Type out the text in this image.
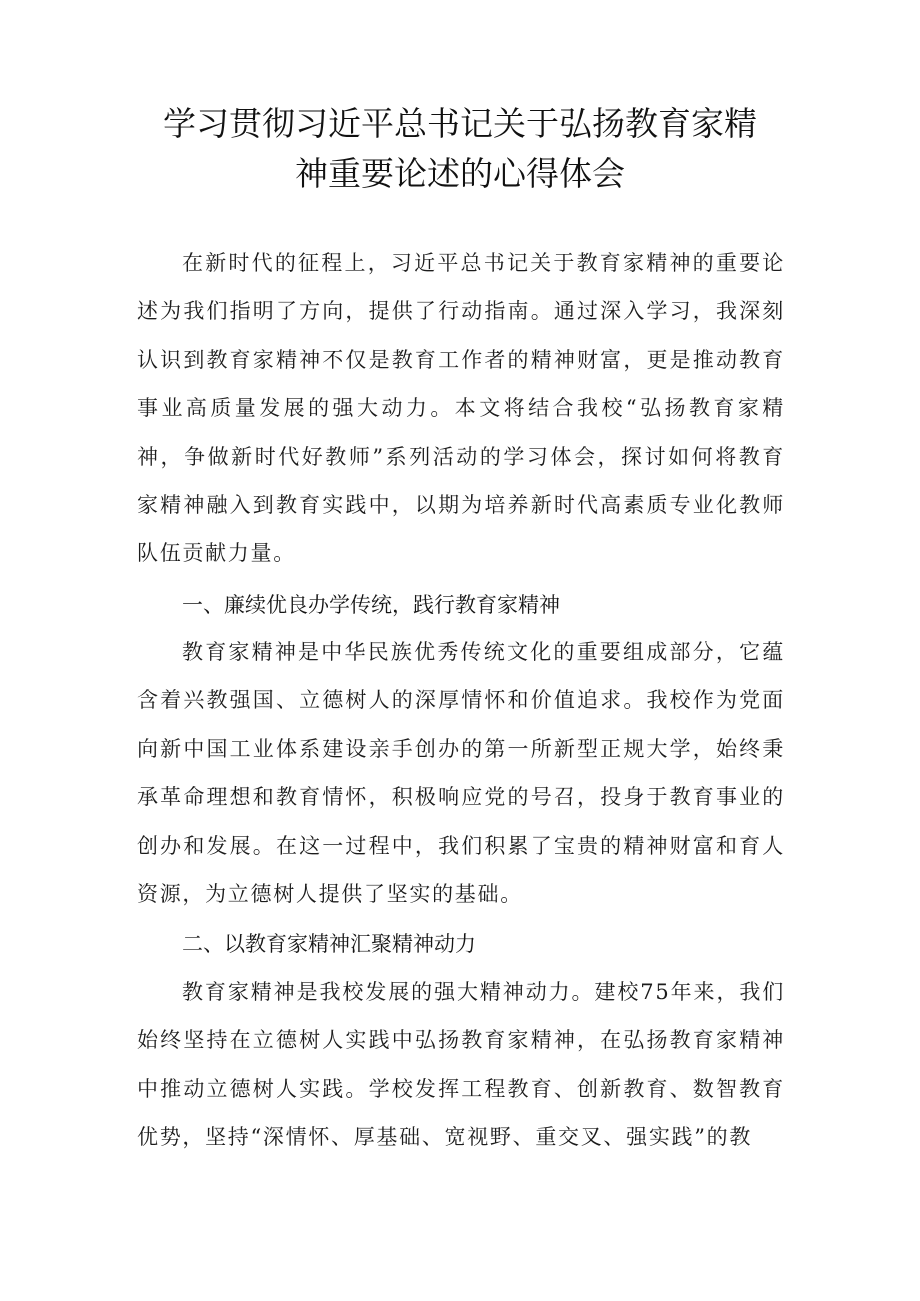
学习贯彻习近平总书记关于弘扬教育家精
神重要论述的心得体会

在新时代的征程上，习近平总书记关于教育家精神的重要论述为我们指明了方向，提供了行动指南。通过深入学习，我深刻认识到教育家精神不仅是教育工作者的精神财富，更是推动教育事业高质量发展的强大动力。本文将结合我校“弘扬教育家精神，争做新时代好教师”系列活动的学习体会，探讨如何将教育家精神融入到教育实践中，以期为培养新时代高素质专业化教师队伍贡献力量。

一、廉续优良办学传统，践行教育家精神

教育家精神是中华民族优秀传统文化的重要组成部分，它蕴含着兴教强国、立德树人的深厚情怀和价值追求。我校作为党面向新中国工业体系建设亲手创办的第一所新型正规大学，始终秉承革命理想和教育情怀，积极响应党的号召，投身于教育事业的创办和发展。在这一过程中，我们积累了宝贵的精神财富和育人资源，为立德树人提供了坚实的基础。

二、以教育家精神汇聚精神动力

教育家精神是我校发展的强大精神动力。建校75年来，我们始终坚持在立德树人实践中弘扬教育家精神，在弘扬教育家精神中推动立德树人实践。学校发挥工程教育、创新教育、数智教育优势，坚持“深情怀、厚基础、宽视野、重交叉、强实践”的教
